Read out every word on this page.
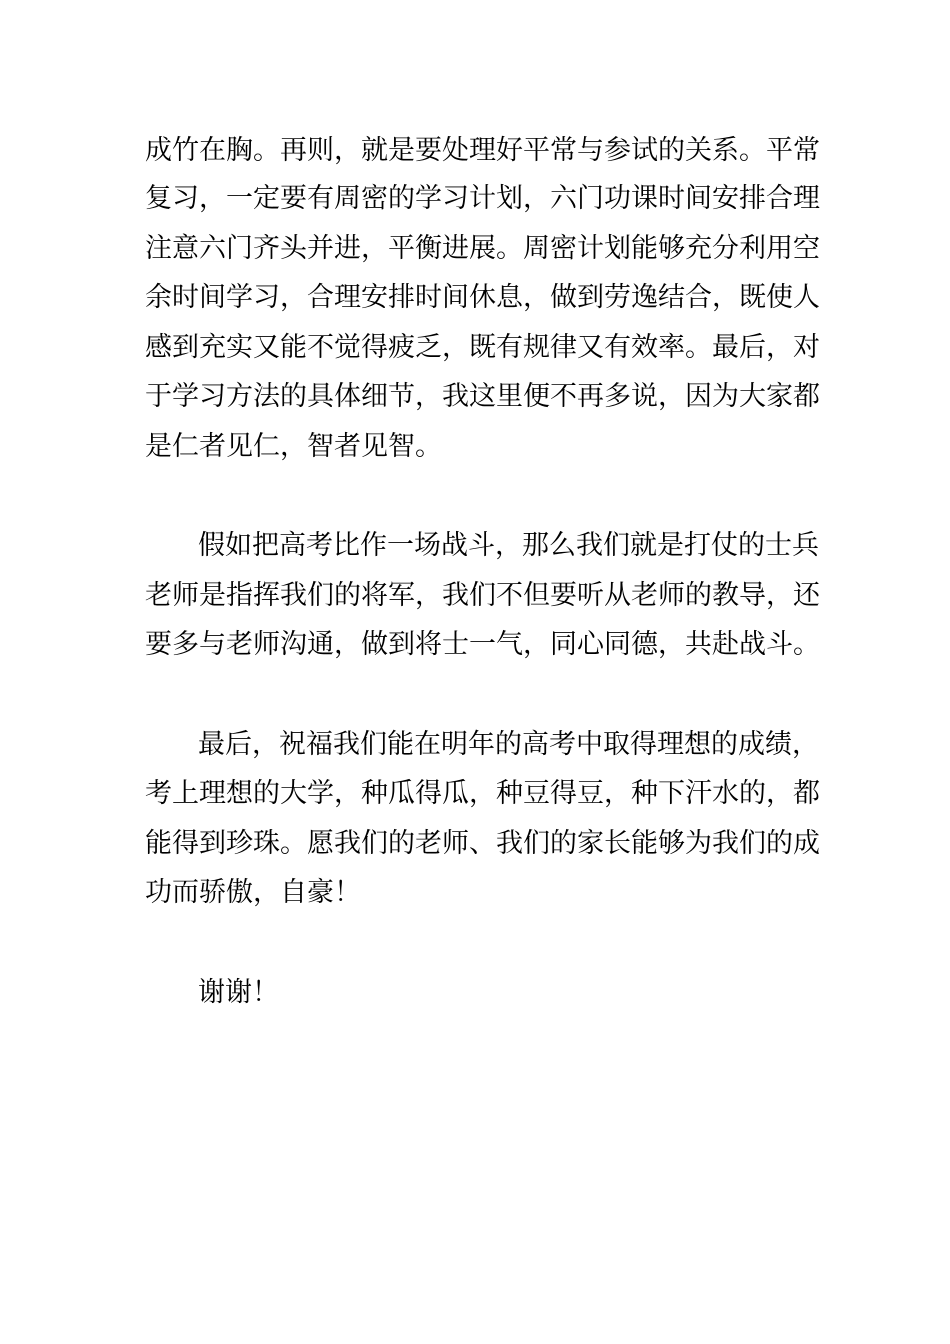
成竹在胸。再则，就是要处理好平常与参试的关系。平常

复习，一定要有周密的学习计划，六门功课时间安排合理

注意六门齐头并进，平衡进展。周密计划能够充分利用空

余时间学习，合理安排时间休息，做到劳逸结合，既使人

感到充实又能不觉得疲乏，既有规律又有效率。最后，对

于学习方法的具体细节，我这里便不再多说，因为大家都

是仁者见仁，智者见智。

假如把高考比作一场战斗，那么我们就是打仗的士兵

老师是指挥我们的将军，我们不但要听从老师的教导，还

要多与老师沟通，做到将士一气，同心同德，共赴战斗。

最后，祝福我们能在明年的高考中取得理想的成绩，

考上理想的大学，种瓜得瓜，种豆得豆，种下汗水的，都

能得到珍珠。愿我们的老师、我们的家长能够为我们的成

功而骄傲，自豪！

谢谢！
